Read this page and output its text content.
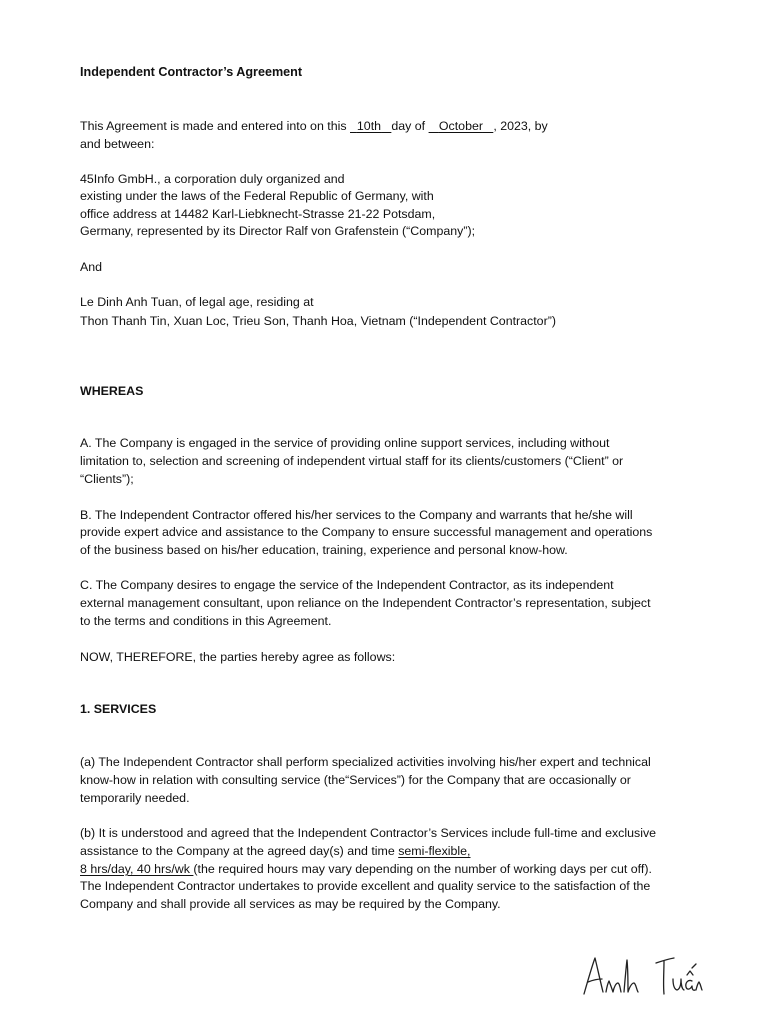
Independent Contractor’s Agreement
This Agreement is made and entered into on this 10th day of October , 2023, by
and between:
45Info GmbH., a corporation duly organized and
existing under the laws of the Federal Republic of Germany, with
office address at 14482 Karl-Liebknecht-Strasse 21-22 Potsdam,
Germany, represented by its Director Ralf von Grafenstein (“Company”);
And
Le Dinh Anh Tuan, of legal age, residing at
Thon Thanh Tin, Xuan Loc, Trieu Son, Thanh Hoa, Vietnam (“Independent Contractor”)
WHEREAS
A. The Company is engaged in the service of providing online support services, including without
limitation to, selection and screening of independent virtual staff for its clients/customers (“Client” or
“Clients”);
B. The Independent Contractor offered his/her services to the Company and warrants that he/she will
provide expert advice and assistance to the Company to ensure successful management and operations
of the business based on his/her education, training, experience and personal know-how.
C. The Company desires to engage the service of the Independent Contractor, as its independent
external management consultant, upon reliance on the Independent Contractor’s representation, subject
to the terms and conditions in this Agreement.
NOW, THEREFORE, the parties hereby agree as follows:
1. SERVICES
(a) The Independent Contractor shall perform specialized activities involving his/her expert and technical
know-how in relation with consulting service (the“Services”) for the Company that are occasionally or
temporarily needed.
(b) It is understood and agreed that the Independent Contractor’s Services include full-time and exclusive
assistance to the Company at the agreed day(s) and time semi-flexible,
8 hrs/day, 40 hrs/wk (the required hours may vary depending on the number of working days per cut off).
The Independent Contractor undertakes to provide excellent and quality service to the satisfaction of the
Company and shall provide all services as may be required by the Company.
